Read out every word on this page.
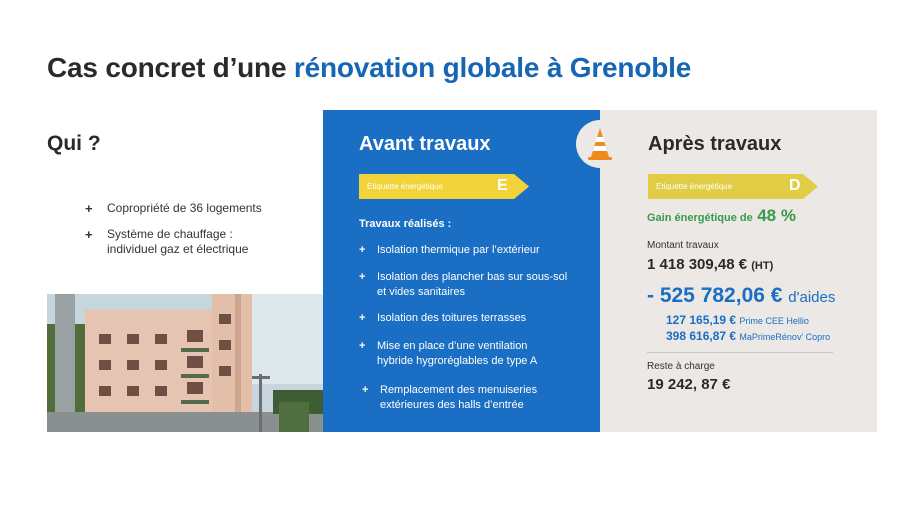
Cas concret d’une rénovation globale à Grenoble
Qui ?
+ Copropriété de 36 logements
+ Système de chauffage :
individuel gaz et électrique
Avant travaux
Etiquette énergétique	E
Travaux réalisés :
+ Isolation thermique par l’extérieur
+ Isolation des plancher bas sur sous-sol
et vides sanitaires
+ Isolation des toitures terrasses
+ Mise en place d’une ventilation
hybride hygroréglables de type A
+ Remplacement des menuiseries
extérieures des halls d’entrée
Après travaux
Etiquette énergétique	D
Gain énergétique de 48 %
Montant travaux
1 418 309,48 € (HT)
- 525 782,06 € d'aides
127 165,19 € Prime CEE Hellio
398 616,87 € MaPrimeRénov’ Copro
Reste à charge
19 242, 87 €
